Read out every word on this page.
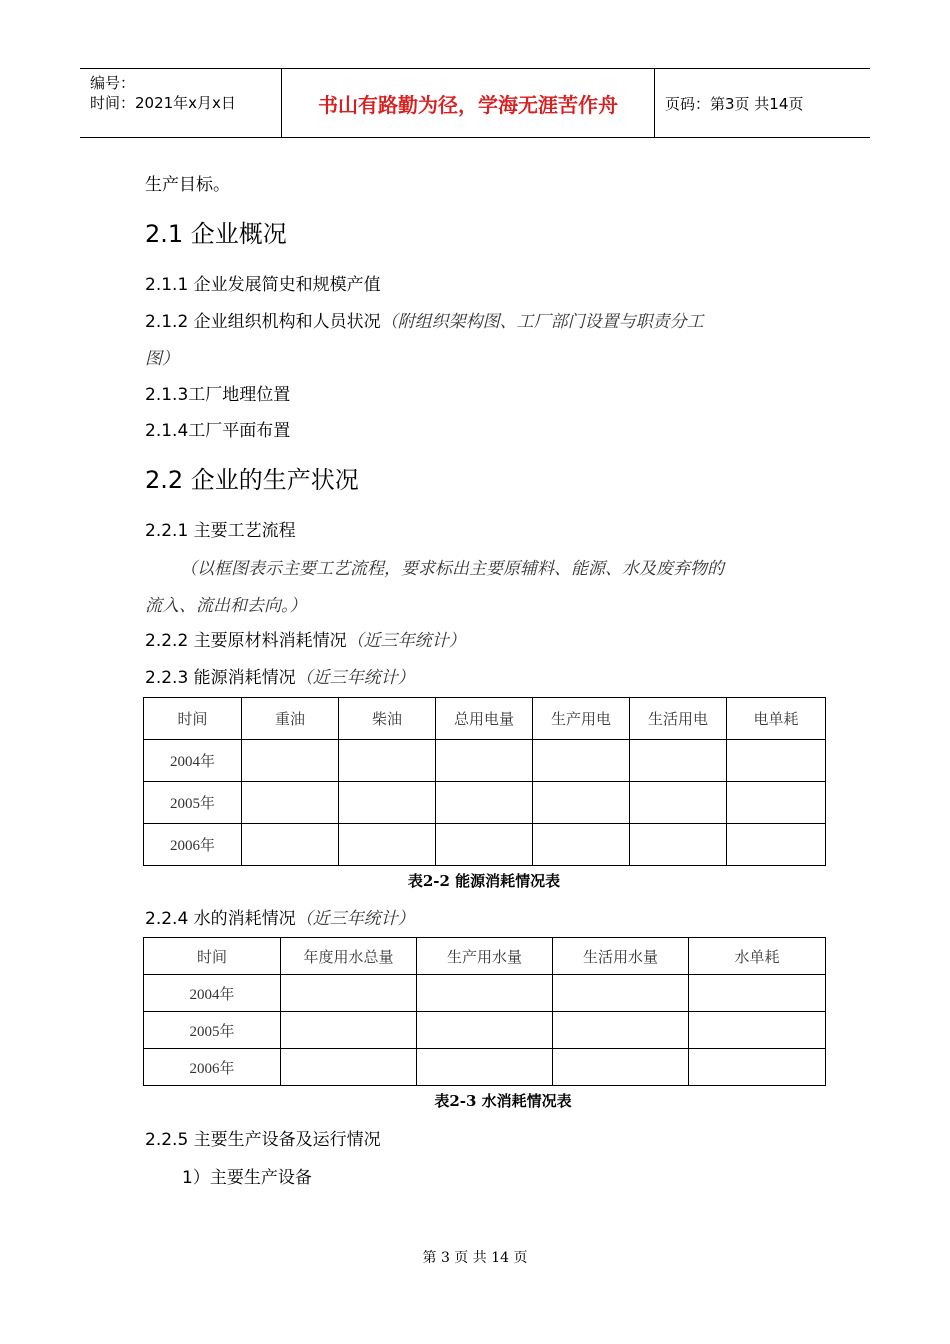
编号：
时间：2021年x月x日	书山有路勤为径，学海无涯苦作舟	页码：第3页 共14页
生产目标。
2.1 企业概况
2.1.1 企业发展简史和规模产值
2.1.2 企业组织机构和人员状况（附组织架构图、工厂部门设置与职责分工
图）
2.1.3工厂地理位置
2.1.4工厂平面布置
2.2 企业的生产状况
2.2.1 主要工艺流程
（以框图表示主要工艺流程，要求标出主要原辅料、能源、水及废弃物的
流入、流出和去向。）
2.2.2 主要原材料消耗情况（近三年统计）
2.2.3 能源消耗情况（近三年统计）
时间	重油	柴油	总用电量	生产用电	生活用电	电单耗
2004年						
2005年						
2006年						
表2-2 能源消耗情况表
2.2.4 水的消耗情况（近三年统计）
时间	年度用水总量	生产用水量	生活用水量	水单耗
2004年				
2005年				
2006年				
表2-3 水消耗情况表
2.2.5 主要生产设备及运行情况
1）主要生产设备
第 3 页 共 14 页
